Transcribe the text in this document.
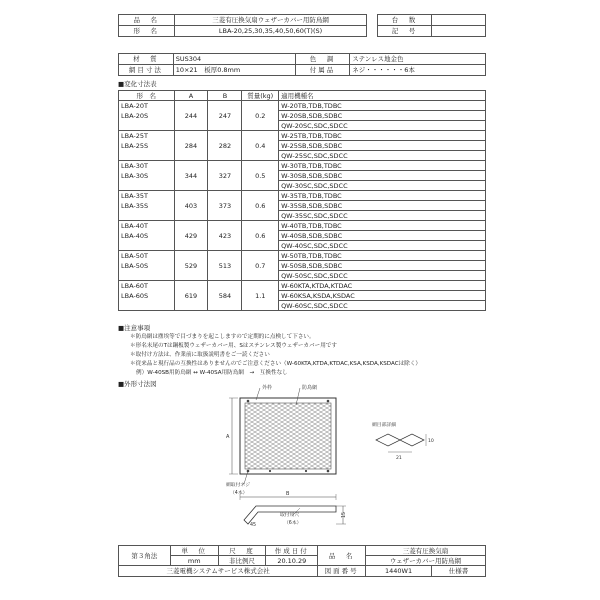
品　名	三菱有圧換気扇ウェザーカバー用防鳥網		台　数	
形　名	LBA-20,25,30,35,40,50,60(T)(S)		記　号	
材　質	SUS304	色　調	ステンレス地金色
網目寸法	10×21　板厚0.8mm	付属品	ネジ・・・・・・6本
■変化寸法表
形　名	A	B	質量(kg)	適用機種名
LBA-20T	244	247	0.2	W-20TB,TDB,TDBC
LBA-20S				W-20SB,SDB,SDBC
				QW-20SC,SDC,SDCC
LBA-25T	284	282	0.4	W-25TB,TDB,TDBC
LBA-25S				W-25SB,SDB,SDBC
				QW-25SC,SDC,SDCC
LBA-30T	344	327	0.5	W-30TB,TDB,TDBC
LBA-30S				W-30SB,SDB,SDBC
				QW-30SC,SDC,SDCC
LBA-35T	403	373	0.6	W-35TB,TDB,TDBC
LBA-35S				W-35SB,SDB,SDBC
				QW-35SC,SDC,SDCC
LBA-40T	429	423	0.6	W-40TB,TDB,TDBC
LBA-40S				W-40SB,SDB,SDBC
				QW-40SC,SDC,SDCC
LBA-50T	529	513	0.7	W-50TB,TDB,TDBC
LBA-50S				W-50SB,SDB,SDBC
				QW-50SC,SDC,SDCC
LBA-60T	619	584	1.1	W-60KTA,KTDA,KTDAC
LBA-60S				W-60KSA,KSDA,KSDAC
				QW-60SC,SDC,SDCC
■注意事項
＊防鳥網は塵埃等で目づまりを起こしますので定期的に点検して下さい。
＊形名末尾のTは鋼板製ウェザーカバー用、Sはステンレス製ウェザーカバー用です
＊取付け方法は、作業前に取扱説明書をご一読ください
＊従来品と現行品の互換性はありませんのでご注意ください（W-60KTA,KTDA,KTDAC,KSA,KSDA,KSDACは除く）
例）W-40SB用防鳥網 ↔ W-40SA用防鳥網　→　互換性なし
■外形寸法図	外枠	防鳥網
A
網取付ネジ
（4本）	B
15
45
取付用穴
（6本）
網目部詳細
10
21
第３角法	単　位	尺　度	作成日付	品　名	三菱有圧換気扇	
	mm	非比例尺	20.10.29		ウェザーカバー用防鳥網	
三菱電機システムサービス株式会社				図面番号	1440W1	仕様書
